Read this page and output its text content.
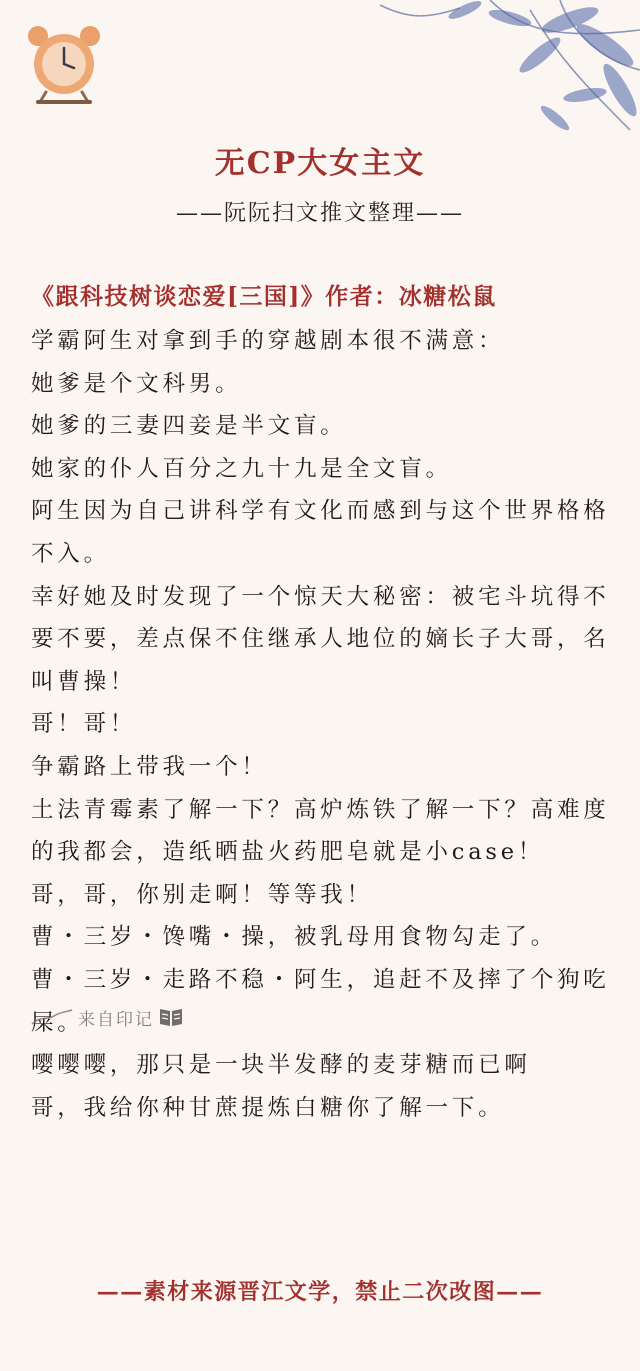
无CP大女主文
——阮阮扫文推文整理——
《跟科技树谈恋爱[三国]》作者：冰糖松鼠

学霸阿生对拿到手的穿越剧本很不满意：

她爹是个文科男。

她爹的三妻四妾是半文盲。

她家的仆人百分之九十九是全文盲。

阿生因为自己讲科学有文化而感到与这个世界格格不入。

幸好她及时发现了一个惊天大秘密：被宅斗坑得不要不要，差点保不住继承人地位的嫡长子大哥，名叫曹操！

哥！哥！

争霸路上带我一个！

土法青霉素了解一下？高炉炼铁了解一下？高难度的我都会，造纸晒盐火药肥皂就是小case！

哥，哥，你别走啊！等等我！

曹・三岁・馋嘴・操，被乳母用食物勾走了。

曹・三岁・走路不稳・阿生，追赶不及摔了个狗吃屎。

嘤嘤嘤，那只是一块半发酵的麦芽糖而已啊

哥，我给你种甘蔗提炼白糖你了解一下。

来自印记
——素材来源晋江文学，禁止二次改图——
